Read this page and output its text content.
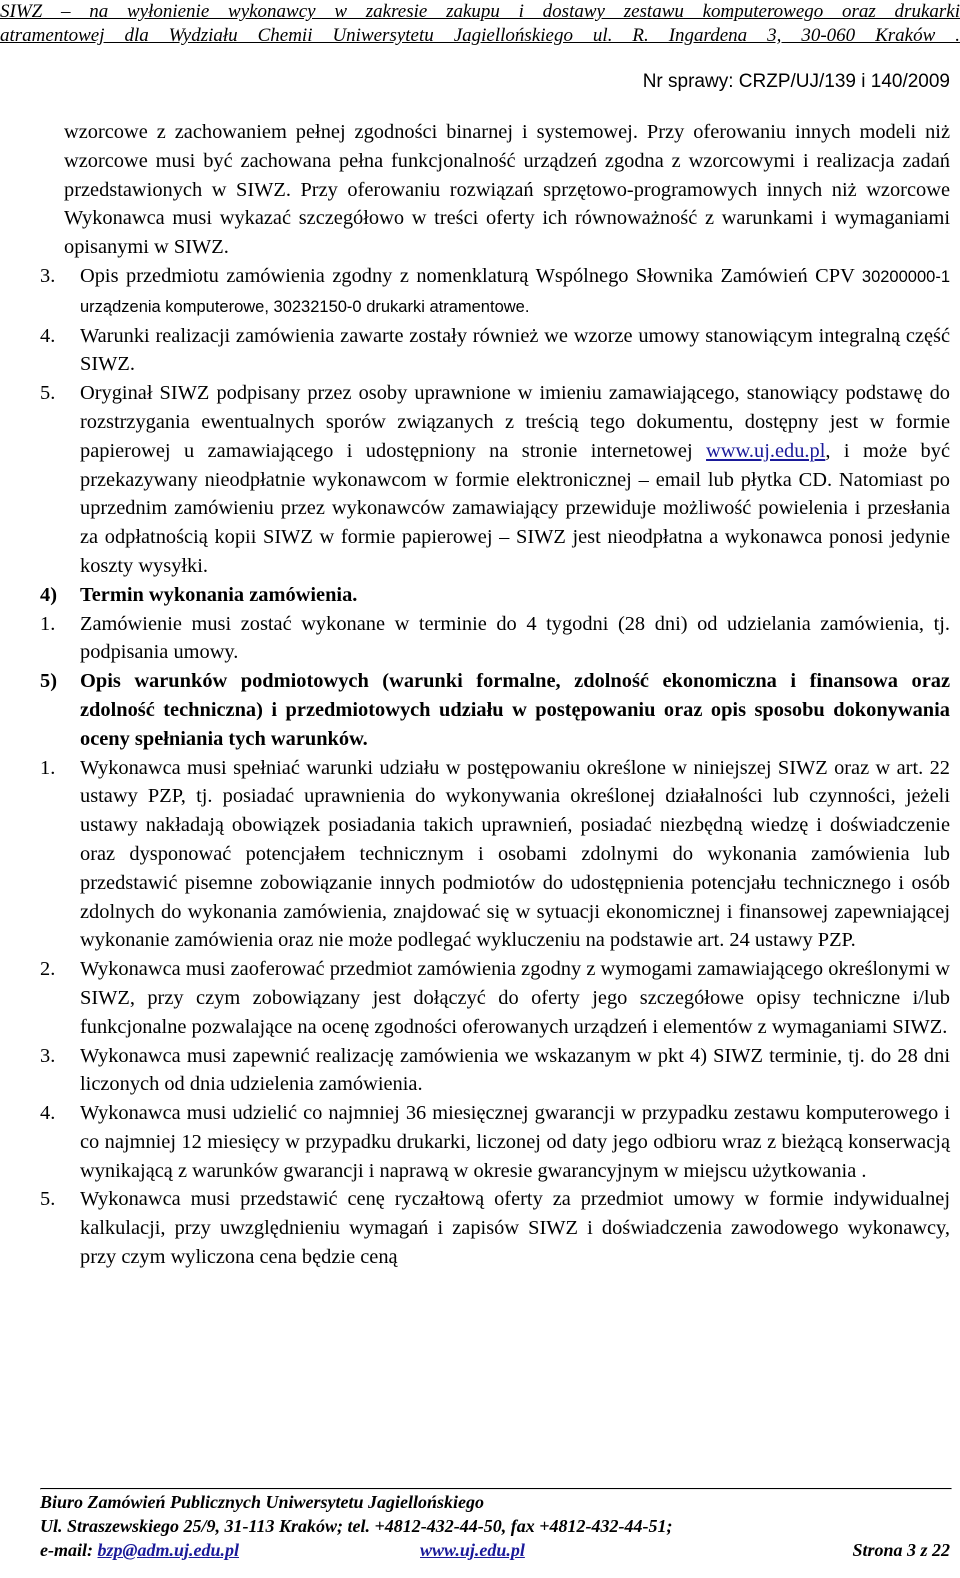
SIWZ – na wyłonienie wykonawcy w zakresie zakupu i dostawy zestawu komputerowego oraz drukarki
atramentowej dla Wydziału Chemii Uniwersytetu Jagiellońskiego ul. R. Ingardena 3, 30-060 Kraków .
Nr sprawy: CRZP/UJ/139 i 140/2009

wzorcowe z zachowaniem pełnej zgodności binarnej i systemowej. Przy oferowaniu innych modeli niż wzorcowe musi być zachowana pełna funkcjonalność urządzeń zgodna z wzorcowymi i realizacja zadań przedstawionych w SIWZ. Przy oferowaniu rozwiązań sprzętowo-programowych innych niż wzorcowe Wykonawca musi wykazać szczegółowo w treści oferty ich równoważność z warunkami i wymaganiami opisanymi w SIWZ.

3.	Opis przedmiotu zamówienia zgodny z nomenklaturą Wspólnego Słownika Zamówień CPV 30200000-1 urządzenia komputerowe, 30232150-0 drukarki atramentowe.
4.	Warunki realizacji zamówienia zawarte zostały również we wzorze umowy stanowiącym integralną część SIWZ.
5.	Oryginał SIWZ podpisany przez osoby uprawnione w imieniu zamawiającego, stanowiący podstawę do rozstrzygania ewentualnych sporów związanych z treścią tego dokumentu, dostępny jest w formie papierowej u zamawiającego i udostępniony na stronie internetowej www.uj.edu.pl, i może być przekazywany nieodpłatnie wykonawcom w formie elektronicznej – email lub płytka CD. Natomiast po uprzednim zamówieniu przez wykonawców zamawiający przewiduje możliwość powielenia i przesłania za odpłatnością kopii SIWZ w formie papierowej – SIWZ jest nieodpłatna a wykonawca ponosi jedynie koszty wysyłki.
4)	Termin wykonania zamówienia.
1.	Zamówienie musi zostać wykonane w terminie do 4 tygodni (28 dni) od udzielania zamówienia, tj. podpisania umowy.
5)	Opis warunków podmiotowych (warunki formalne, zdolność ekonomiczna i finansowa oraz zdolność techniczna) i przedmiotowych udziału w postępowaniu oraz opis sposobu dokonywania oceny spełniania tych warunków.
1.	Wykonawca musi spełniać warunki udziału w postępowaniu określone w niniejszej SIWZ oraz w art. 22 ustawy PZP, tj. posiadać uprawnienia do wykonywania określonej działalności lub czynności, jeżeli ustawy nakładają obowiązek posiadania takich uprawnień, posiadać niezbędną wiedzę i doświadczenie oraz dysponować potencjałem technicznym i osobami zdolnymi do wykonania zamówienia lub przedstawić pisemne zobowiązanie innych podmiotów do udostępnienia potencjału technicznego i osób zdolnych do wykonania zamówienia, znajdować się w sytuacji ekonomicznej i finansowej zapewniającej wykonanie zamówienia oraz nie może podlegać wykluczeniu na podstawie art. 24 ustawy PZP.
2.	Wykonawca musi zaoferować przedmiot zamówienia zgodny z wymogami zamawiającego określonymi w SIWZ, przy czym zobowiązany jest dołączyć do oferty jego szczegółowe opisy techniczne i/lub funkcjonalne pozwalające na ocenę zgodności oferowanych urządzeń i elementów z wymaganiami SIWZ.
3.	Wykonawca musi zapewnić realizację zamówienia we wskazanym w pkt 4) SIWZ terminie, tj. do 28 dni liczonych od dnia udzielenia zamówienia.
4.	Wykonawca musi udzielić co najmniej 36 miesięcznej gwarancji w przypadku zestawu komputerowego i co najmniej 12 miesięcy w przypadku drukarki, liczonej od daty jego odbioru wraz z bieżącą konserwacją wynikającą z warunków gwarancji i naprawą w okresie gwarancyjnym w miejscu użytkowania .
5.	Wykonawca musi przedstawić cenę ryczałtową oferty za przedmiot umowy w formie indywidualnej kalkulacji, przy uwzględnieniu wymagań i zapisów SIWZ i doświadczenia zawodowego wykonawcy, przy czym wyliczona cena będzie ceną
Biuro Zamówień Publicznych Uniwersytetu Jagiellońskiego
Ul. Straszewskiego 25/9, 31-113 Kraków; tel. +4812-432-44-50, fax +4812-432-44-51;
e-mail: bzp@adm.uj.edu.pl	www.uj.edu.pl	Strona 3 z 22
